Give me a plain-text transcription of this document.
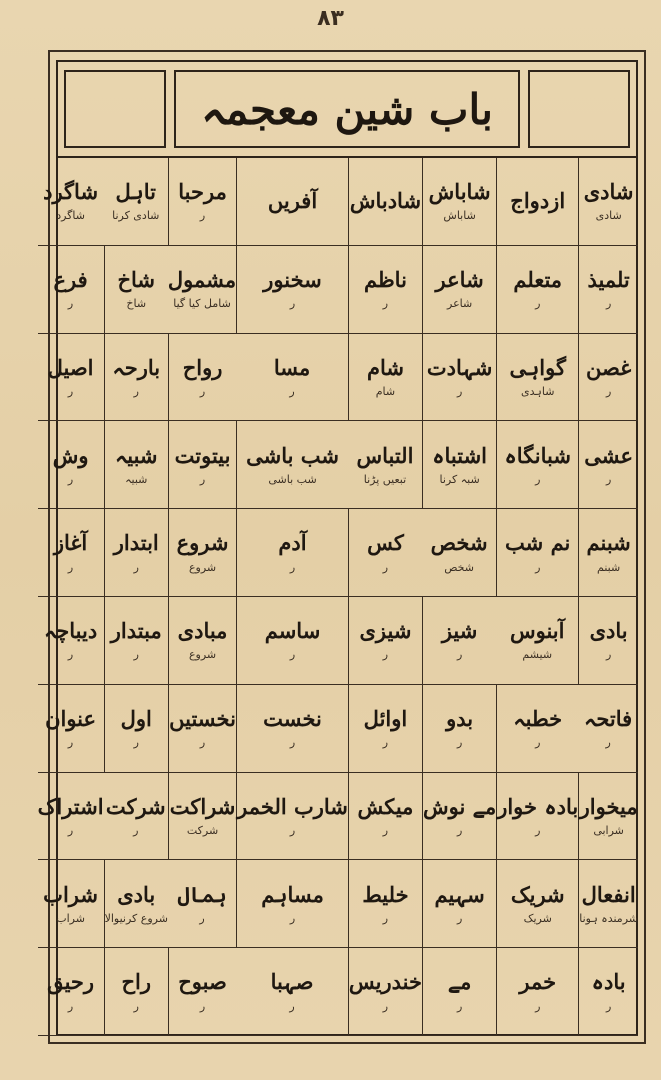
۸۳
باب شین معجمہ
شادی
شادی
ازدواج
شاباش
شاباش
شادباش
آفریں
مرحبا
ر
تاہل
شادی کرنا
شاگرد
شاگرد
تلمیذ
ر
متعلم
ر
شاعر
شاعر
ناظم
ر
سخنور
ر
مشمول
شامل کیا گیا
شاخ
شاخ
فرع
ر
غصن
ر
گواہی
شاہدی
شہادت
ر
شام
شام
مسا
ر
رواح
ر
بارحہ
ر
اصیل
ر
عشی
ر
شبانگاہ
ر
اشتباہ
شبہ کرنا
التباس
تبعیں پڑنا
شب باشی
شب باشی
بیتوتت
ر
شبیہ
شبیہ
وش
ر
شبنم
شبنم
نم شب
ر
شخص
شخص
کس
ر
آدم
ر
شروع
شروع
ابتدار
ر
آغاز
ر
بادی
ر
آبنوس
شیشم
شیز
ر
شیزی
ر
ساسم
ر
مبادی
شروع
مبتدار
ر
دیباچہ
ر
فاتحہ
ر
خطبہ
ر
بدو
ر
اوائل
ر
نخست
ر
نخستیں
ر
اول
ر
عنوان
ر
میخوار
شرابی
بادہ خوار
ر
مے نوش
ر
میکش
ر
شارب الخمر
ر
شراکت
شرکت
شرکت
ر
اشتراک
ر
انفعال
شرمندہ ہونا
شریک
شریک
سہیم
ر
خلیط
ر
مساہم
ر
ہمال
ر
بادی
شروع کرنیوالا
شراب
شراب
بادہ
ر
خمر
ر
مے
ر
خندریس
ر
صہبا
ر
صبوح
ر
راح
ر
رحیق
ر
